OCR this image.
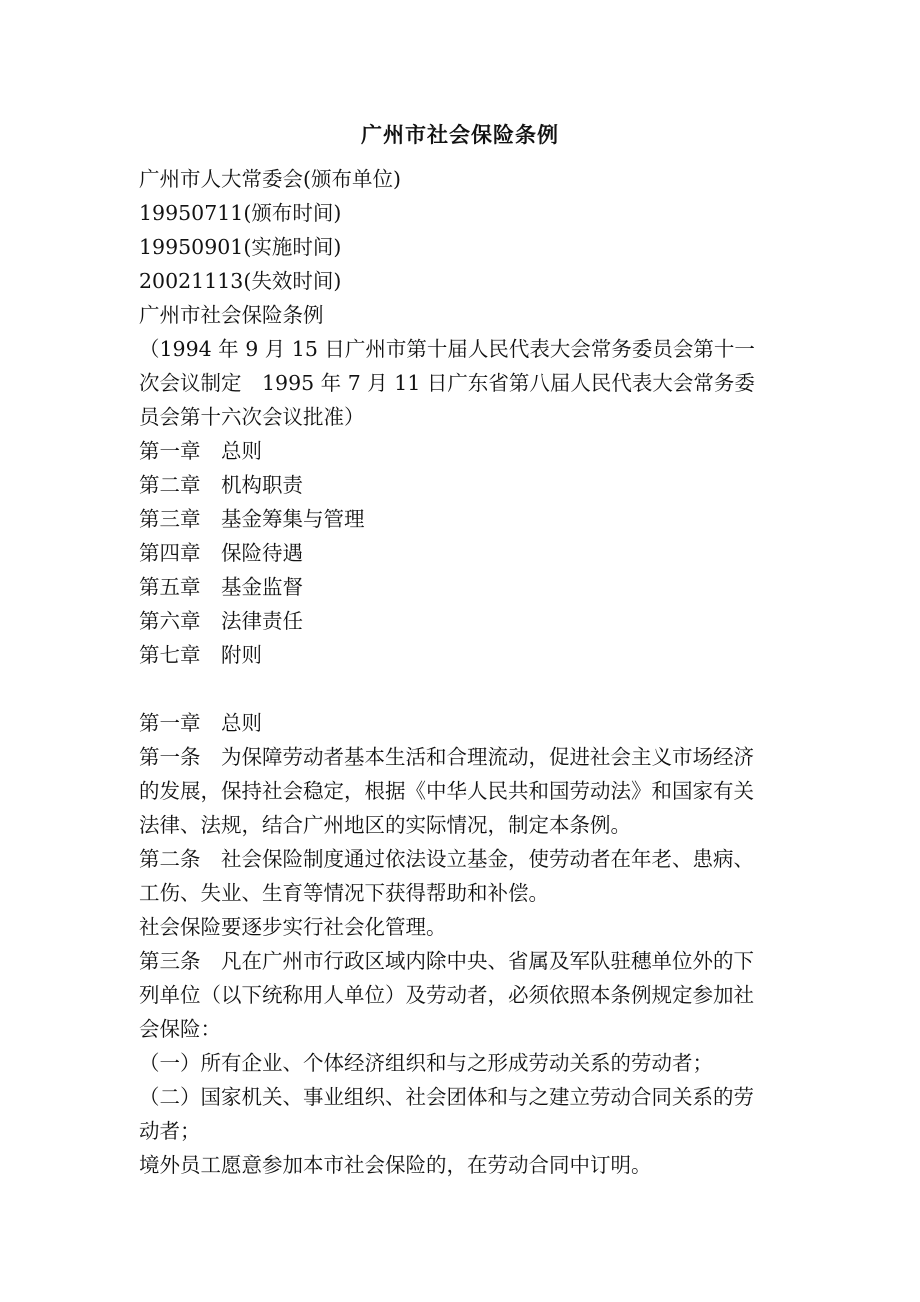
广州市社会保险条例
广州市人大常委会(颁布单位)
19950711(颁布时间)
19950901(实施时间)
20021113(失效时间)
广州市社会保险条例
（1994 年 9 月 15 日广州市第十届人民代表大会常务委员会第十一
次会议制定　1995 年 7 月 11 日广东省第八届人民代表大会常务委
员会第十六次会议批准）
第一章　总则
第二章　机构职责
第三章　基金筹集与管理
第四章　保险待遇
第五章　基金监督
第六章　法律责任
第七章　附则
第一章　总则
第一条　为保障劳动者基本生活和合理流动，促进社会主义市场经济
的发展，保持社会稳定，根据《中华人民共和国劳动法》和国家有关
法律、法规，结合广州地区的实际情况，制定本条例。
第二条　社会保险制度通过依法设立基金，使劳动者在年老、患病、
工伤、失业、生育等情况下获得帮助和补偿。
社会保险要逐步实行社会化管理。
第三条　凡在广州市行政区域内除中央、省属及军队驻穗单位外的下
列单位（以下统称用人单位）及劳动者，必须依照本条例规定参加社
会保险：
（一）所有企业、个体经济组织和与之形成劳动关系的劳动者；
（二）国家机关、事业组织、社会团体和与之建立劳动合同关系的劳
动者；
境外员工愿意参加本市社会保险的，在劳动合同中订明。
